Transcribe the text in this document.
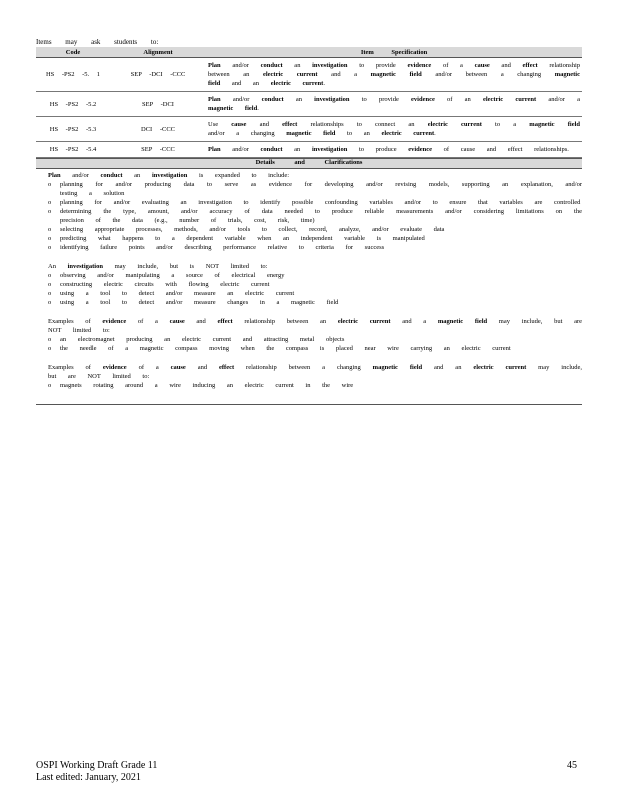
Items may ask students to:
Code	Alignment	Item Specification
HS -PS2 -5. 1	SEP -DCI -CCC	Plan and/or conduct an investigation to provide evidence of a cause and effect relationship between an electric current and a magnetic field and/or between a changing magnetic field and an electric current.
HS -PS2 -5.2	SEP -DCI	Plan and/or conduct an investigation to provide evidence of an electric current and/or a magnetic field.
HS -PS2 -5.3	DCI -CCC	Use cause and effect relationships to connect an electric current to a magnetic field and/or a changing magnetic field to an electric current.
HS -PS2 -5.4	SEP -CCC	Plan and/or conduct an investigation to produce evidence of cause and effect relationships.
Details and Clarifications
Plan and/or conduct an investigation is expanded to include:
o planning for and/or producing data to serve as evidence for developing and/or revising models, supporting an explanation, and/or testing a solution
o planning for and/or evaluating an investigation to identify possible confounding variables and/or to ensure that variables are controlled
o determining the type, amount, and/or accuracy of data needed to produce reliable measurements and/or considering limitations on the precision of the data (e.g., number of trials, cost, risk, time)
o selecting appropriate processes, methods, and/or tools to collect, record, analyze, and/or evaluate data
o predicting what happens to a dependent variable when an independent variable is manipulated
o identifying failure points and/or describing performance relative to criteria for success
An investigation may include, but is NOT limited to:
o observing and/or manipulating a source of electrical energy
o constructing electric circuits with flowing electric current
o using a tool to detect and/or measure an electric current
o using a tool to detect and/or measure changes in a magnetic field
Examples of evidence of a cause and effect relationship between an electric current and a magnetic field may include, but are NOT limited to:
o an electromagnet producing an electric current and attracting metal objects
o the needle of a magnetic compass moving when the compass is placed near wire carrying an electric current
Examples of evidence of a cause and effect relationship between a changing magnetic field and an electric current may include, but are NOT limited to:
o magnets rotating around a wire inducing an electric current in the wire
OSPI Working Draft Grade 11
Last edited: January, 2021
45
